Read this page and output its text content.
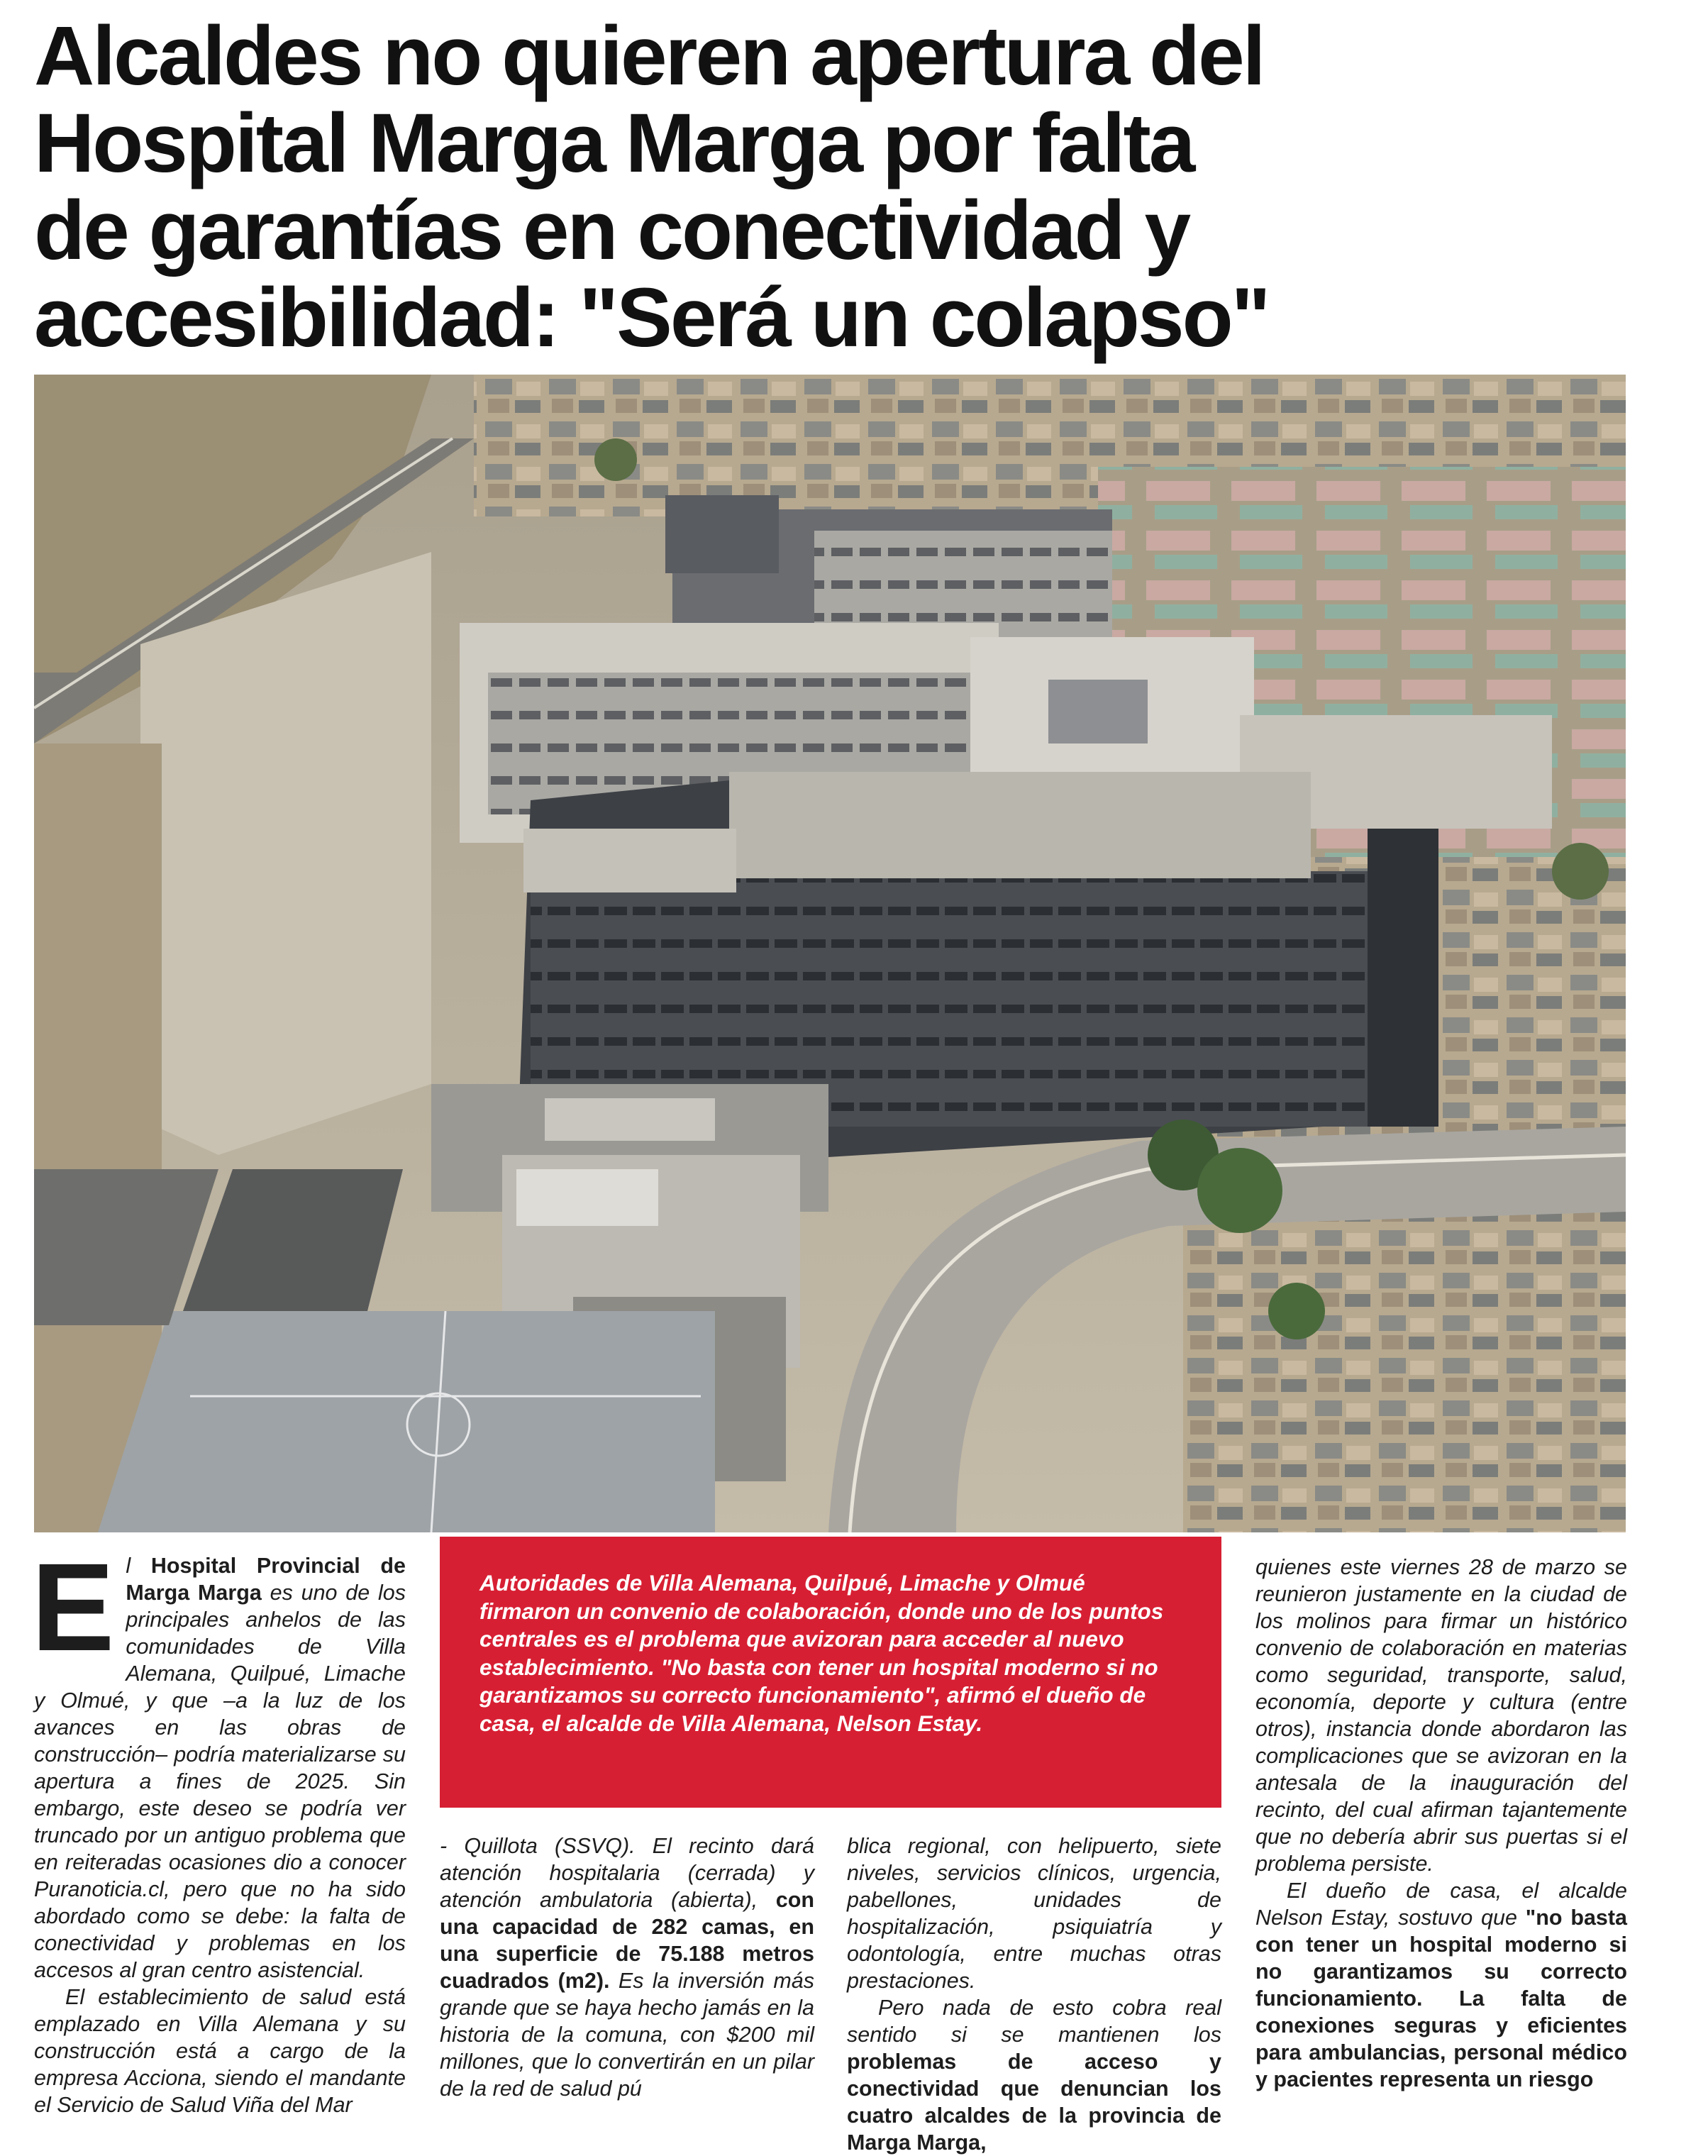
Alcaldes no quieren apertura del
Hospital Marga Marga por falta
de garantías en conectividad y
accesibilidad: "Será un colapso"

El Hospital Provincial de Marga Marga es uno de los principales anhelos de las comunidades de Villa Alemana, Quilpué, Limache y Olmué, y que –a la luz de los avances en las obras de construcción– podría materializarse su apertura a fines de 2025. Sin embargo, este deseo se podría ver truncado por un antiguo problema que en reiteradas ocasiones dio a conocer Puranoticia.cl, pero que no ha sido abordado como se debe: la falta de conectividad y problemas en los accesos al gran centro asistencial.

El establecimiento de salud está emplazado en Villa Alemana y su construcción está a cargo de la empresa Acciona, siendo el mandante el Servicio de Salud Viña del Mar

Autoridades de Villa Alemana, Quilpué, Limache y Olmué firmaron un convenio de colaboración, donde uno de los puntos centrales es el problema que avizoran para acceder al nuevo establecimiento. "No basta con tener un hospital moderno si no garantizamos su correcto funcionamiento", afirmó el dueño de casa, el alcalde de Villa Alemana, Nelson Estay.

- Quillota (SSVQ). El recinto dará atención hospitalaria (cerrada) y atención ambulatoria (abierta), con una capacidad de 282 camas, en una superficie de 75.188 metros cuadrados (m2). Es la inversión más grande que se haya hecho jamás en la historia de la comuna, con $200 mil millones, que lo convertirán en un pilar de la red de salud pú

blica regional, con helipuerto, siete niveles, servicios clínicos, urgencia, pabellones, unidades de hospitalización, psiquiatría y odontología, entre muchas otras prestaciones.

Pero nada de esto cobra real sentido si se mantienen los problemas de acceso y conectividad que denuncian los cuatro alcaldes de la provincia de Marga Marga,

quienes este viernes 28 de marzo se reunieron justamente en la ciudad de los molinos para firmar un histórico convenio de colaboración en materias como seguridad, transporte, salud, economía, deporte y cultura (entre otros), instancia donde abordaron las complicaciones que se avizoran en la antesala de la inauguración del recinto, del cual afirman tajantemente que no debería abrir sus puertas si el problema persiste.

El dueño de casa, el alcalde Nelson Estay, sostuvo que "no basta con tener un hospital moderno si no garantizamos su correcto funcionamiento. La falta de conexiones seguras y eficientes para ambulancias, personal médico y pacientes representa un riesgo
